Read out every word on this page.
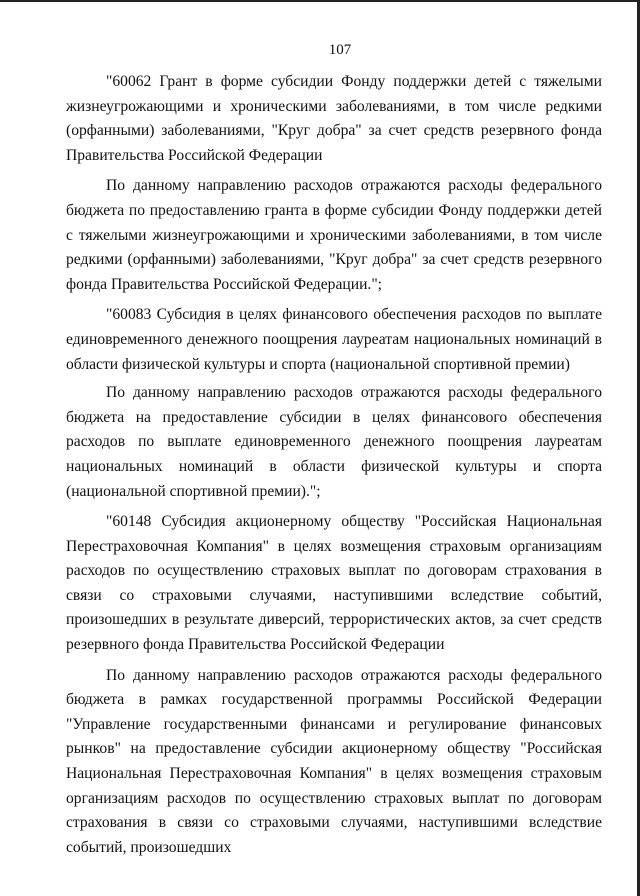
107

"60062 Грант в форме субсидии Фонду поддержки детей с тяжелыми жизнеугрожающими и хроническими заболеваниями, в том числе редкими (орфанными) заболеваниями, "Круг добра" за счет средств резервного фонда Правительства Российской Федерации

По данному направлению расходов отражаются расходы федерального бюджета по предоставлению гранта в форме субсидии Фонду поддержки детей с тяжелыми жизнеугрожающими и хроническими заболеваниями, в том числе редкими (орфанными) заболеваниями, "Круг добра" за счет средств резервного фонда Правительства Российской Федерации.";

"60083 Субсидия в целях финансового обеспечения расходов по выплате единовременного денежного поощрения лауреатам национальных номинаций в области физической культуры и спорта (национальной спортивной премии)

По данному направлению расходов отражаются расходы федерального бюджета на предоставление субсидии в целях финансового обеспечения расходов по выплате единовременного денежного поощрения лауреатам национальных номинаций в области физической культуры и спорта (национальной спортивной премии).";

"60148 Субсидия акционерному обществу "Российская Национальная Перестраховочная Компания" в целях возмещения страховым организациям расходов по осуществлению страховых выплат по договорам страхования в связи со страховыми случаями, наступившими вследствие событий, произошедших в результате диверсий, террористических актов, за счет средств резервного фонда Правительства Российской Федерации

По данному направлению расходов отражаются расходы федерального бюджета в рамках государственной программы Российской Федерации "Управление государственными финансами и регулирование финансовых рынков" на предоставление субсидии акционерному обществу "Российская Национальная Перестраховочная Компания" в целях возмещения страховым организациям расходов по осуществлению страховых выплат по договорам страхования в связи со страховыми случаями, наступившими вследствие событий, произошедших
